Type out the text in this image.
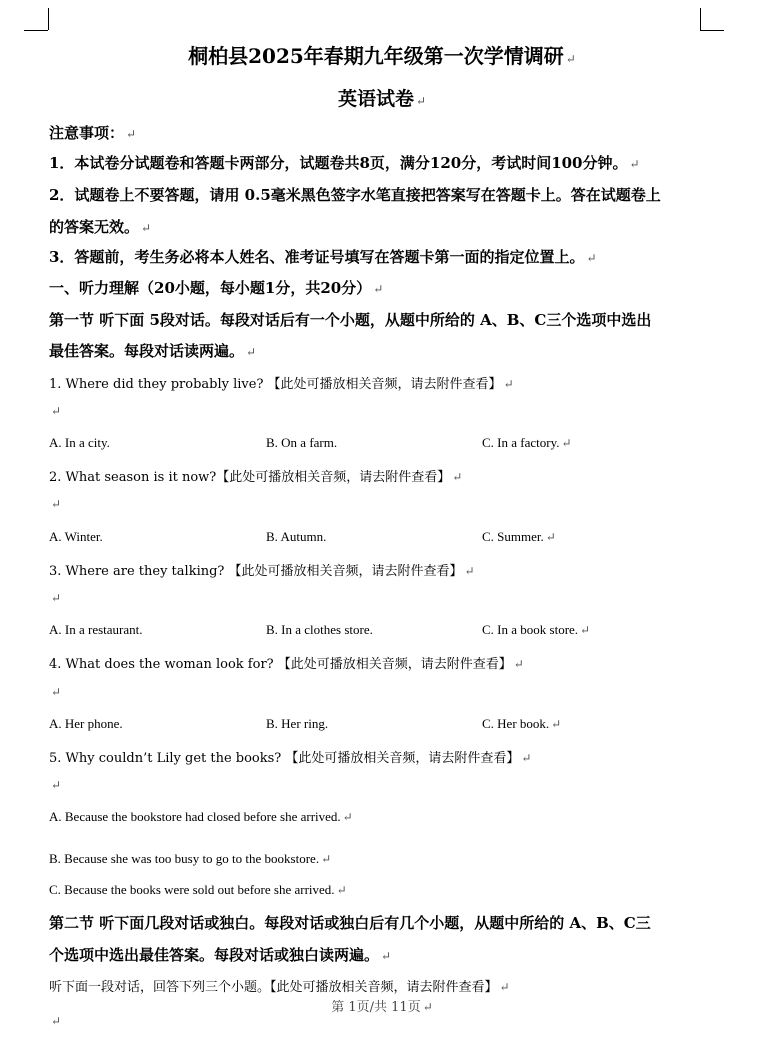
桐柏县2025年春期九年级第一次学情调研 ↵
英语试卷 ↵
注意事项： ↵
1．本试卷分试题卷和答题卡两部分，试题卷共8页，满分120分，考试时间100分钟。 ↵
2．试题卷上不要答题，请用 0.5毫米黑色签字水笔直接把答案写在答题卡上。答在试题卷上
的答案无效。 ↵
3．答题前，考生务必将本人姓名、准考证号填写在答题卡第一面的指定位置上。 ↵
一、听力理解（20小题，每小题1分，共20分） ↵
第一节 听下面 5段对话。每段对话后有一个小题，从题中所给的 A、B、C三个选项中选出
最佳答案。每段对话读两遍。 ↵
1. Where did they probably live? 【此处可播放相关音频，请去附件查看】 ↵
↵
A. In a city.	B. On a farm.	C. In a factory. ↵
2. What season is it now?【此处可播放相关音频，请去附件查看】 ↵
↵
A. Winter.	B. Autumn.	C. Summer. ↵
3. Where are they talking? 【此处可播放相关音频，请去附件查看】 ↵
↵
A. In a restaurant.	B. In a clothes store.	C. In a book store. ↵
4. What does the woman look for? 【此处可播放相关音频，请去附件查看】 ↵
↵
A. Her phone.	B. Her ring.	C. Her book. ↵
5. Why couldn’t Lily get the books? 【此处可播放相关音频，请去附件查看】 ↵
↵
A. Because the bookstore had closed before she arrived. ↵
B. Because she was too busy to go to the bookstore. ↵
C. Because the books were sold out before she arrived. ↵
第二节 听下面几段对话或独白。每段对话或独白后有几个小题，从题中所给的 A、B、C三
个选项中选出最佳答案。每段对话或独白读两遍。 ↵
听下面一段对话，回答下列三个小题。【此处可播放相关音频，请去附件查看】 ↵
第 1页/共 11页 ↵
↵
